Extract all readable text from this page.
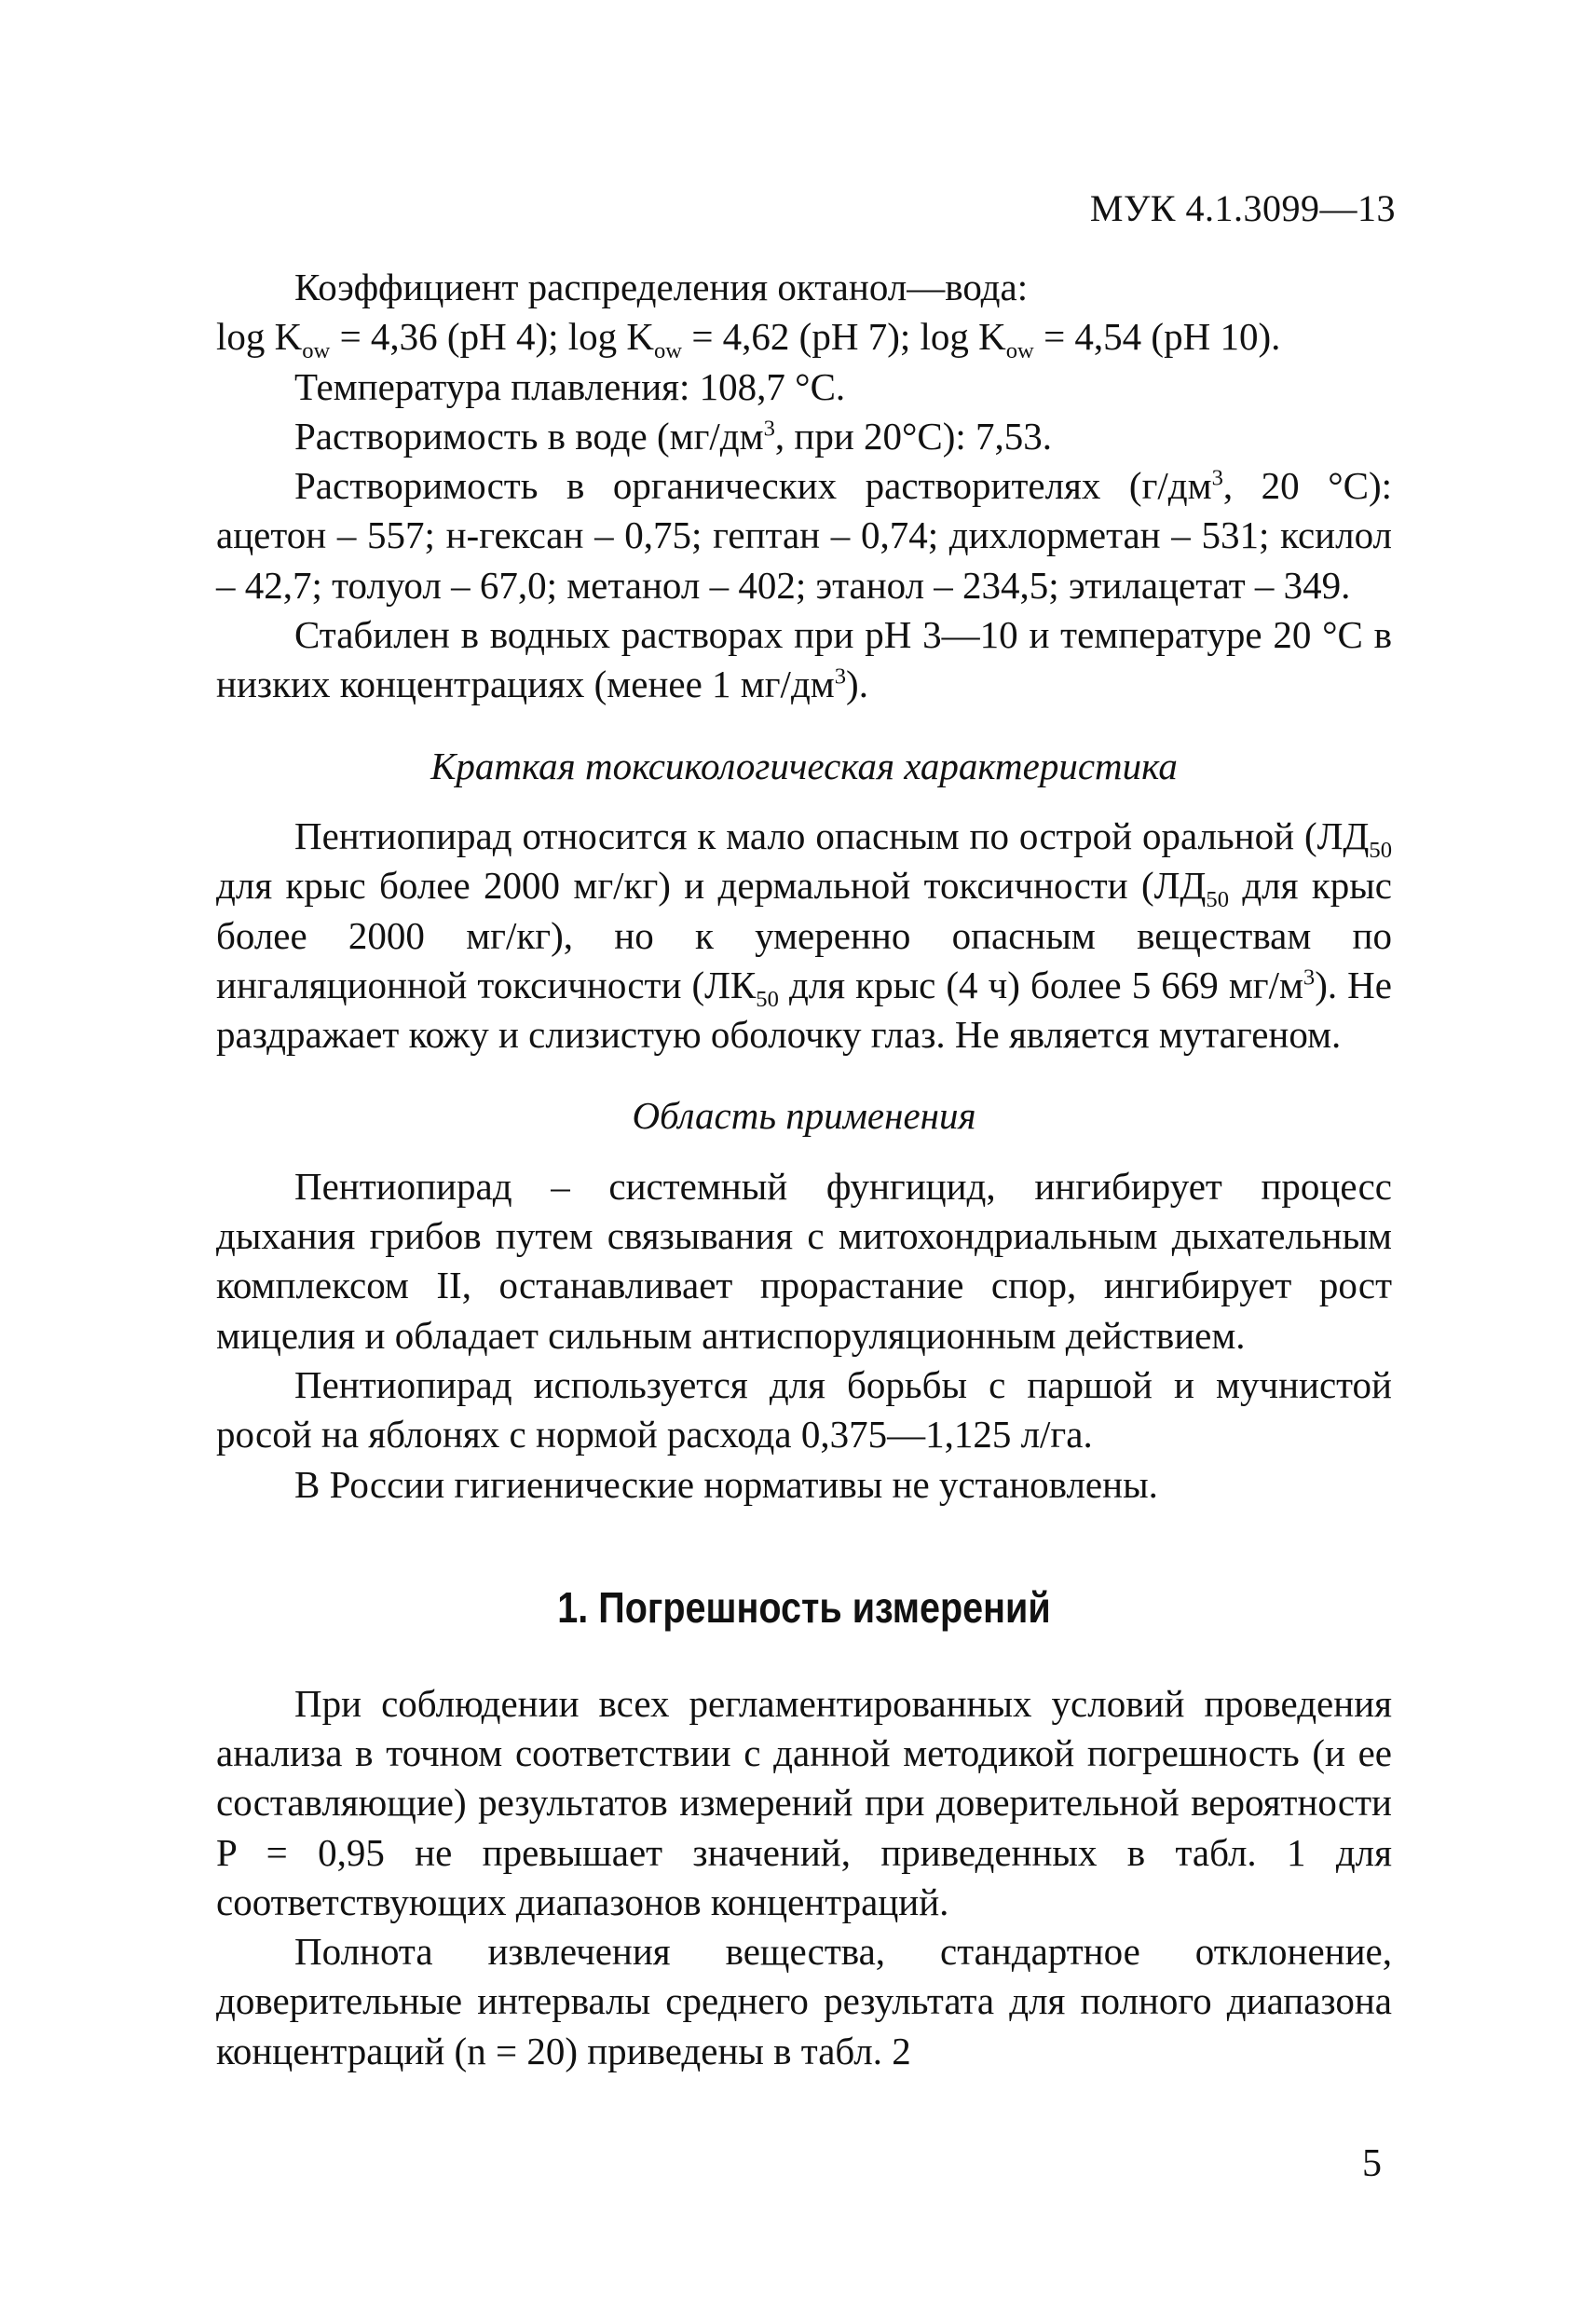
МУК 4.1.3099—13

Коэффициент распределения октанол—вода:

$\log K_{ow} = 4,36$ (pH 4); $\log K_{ow} = 4,62$ (pH 7); $\log K_{ow} = 4,54$ (pH 10).

Температура плавления: 108,7 °C.

Растворимость в воде ($мг/дм^3$, при 20°C): 7,53.

Растворимость в органических растворителях ($г/дм^3$, 20 °C): ацетон – 557; н-гексан – 0,75; гептан – 0,74; дихлорметан – 531; ксилол – 42,7; толуол – 67,0; метанол – 402; этанол – 234,5; этилацетат – 349.

Стабилен в водных растворах при pH 3—10 и температуре 20 °C в низких концентрациях (менее 1 $мг/дм^3$).

Краткая токсикологическая характеристика

Пентиопирад относится к мало опасным по острой оральной ($ЛД_{50}$ для крыс более 2000 мг/кг) и дермальной токсичности ($ЛД_{50}$ для крыс более 2000 мг/кг), но к умеренно опасным веществам по ингаляционной токсичности ($ЛК_{50}$ для крыс (4 ч) более 5 669 $мг/м^3$). Не раздражает кожу и слизистую оболочку глаз. Не является мутагеном.

Область применения

Пентиопирад – системный фунгицид, ингибирует процесс дыхания грибов путем связывания с митохондриальным дыхательным комплексом II, останавливает прорастание спор, ингибирует рост мицелия и обладает сильным антиспоруляционным действием.

Пентиопирад используется для борьбы с паршой и мучнистой росой на яблонях с нормой расхода 0,375—1,125 л/га.

В России гигиенические нормативы не установлены.

1. Погрешность измерений

При соблюдении всех регламентированных условий проведения анализа в точном соответствии с данной методикой погрешность (и ее составляющие) результатов измерений при доверительной вероятности P = 0,95 не превышает значений, приведенных в табл. 1 для соответствующих диапазонов концентраций.

Полнота извлечения вещества, стандартное отклонение, доверительные интервалы среднего результата для полного диапазона концентраций (n = 20) приведены в табл. 2

5
